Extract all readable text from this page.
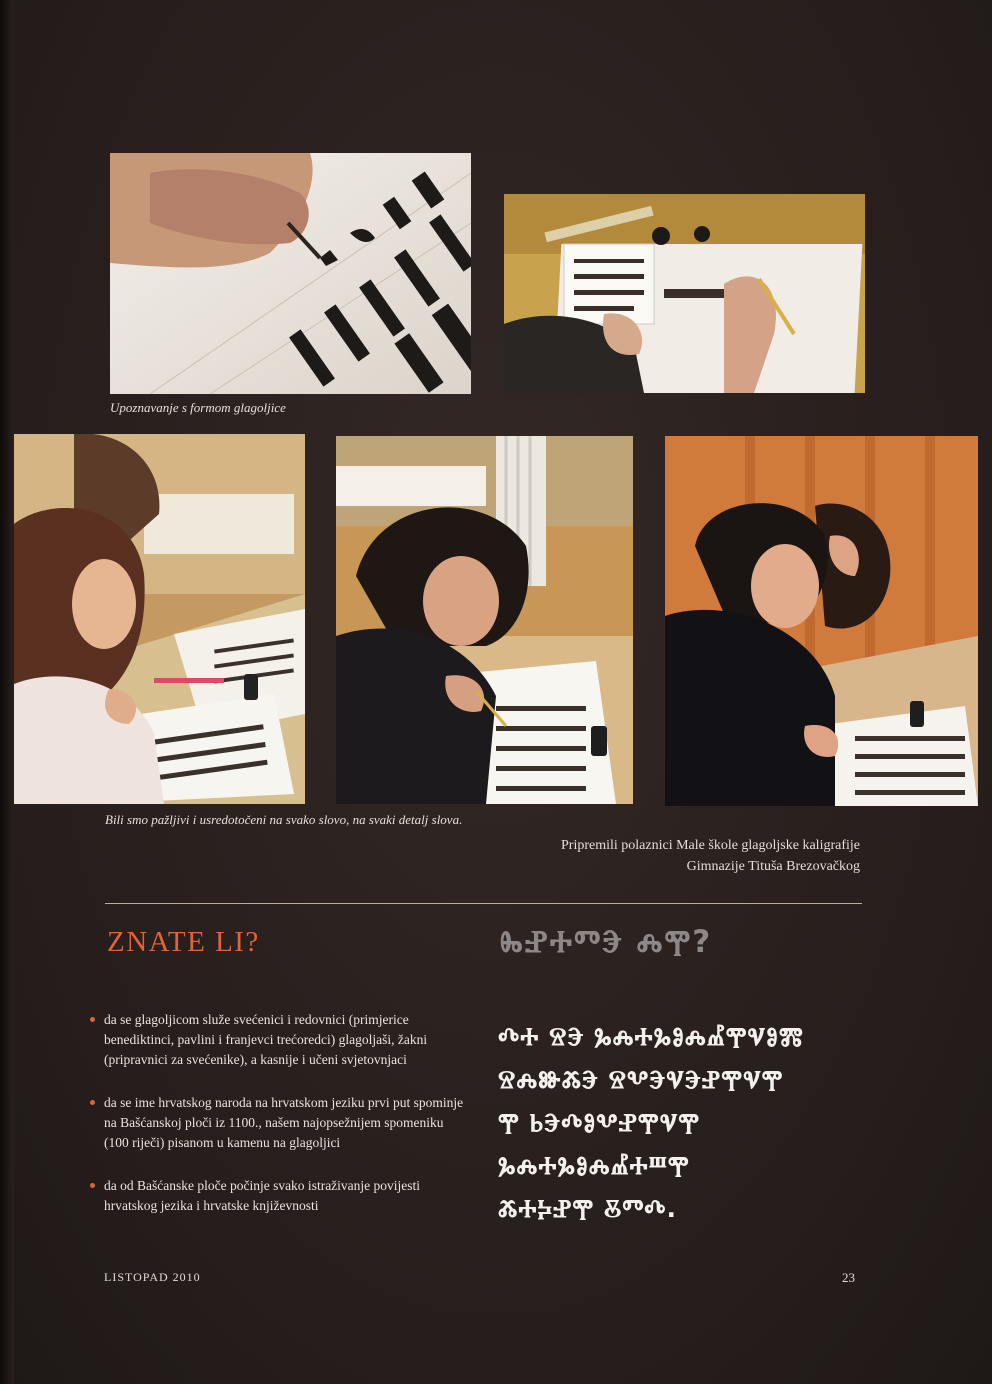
Upoznavanje s formom glagoljice
Bili smo pažljivi i usredotočeni na svako slovo, na svaki detalj slova.
Pripremili polaznici Male škole glagoljske kaligrafije
Gimnazije Tituša Brezovačkog
ZNATE LI?	ⰈⰐⰀⰕⰅ ⰎⰉ?
da se glagoljicom služe svećenici i redovnici (primjerice benediktinci, pavlini i franjevci trećoredci) glagoljaši, žakni (pripravnici za svećenike), a kasnije i učeni svjetovnjaci
da se ime hrvatskog naroda na hrvatskom jeziku prvi put spominje na Bašćanskoj ploči iz 1100., našem najopsežnijem spomeniku (100 riječi) pisanom u kamenu na glagoljici
da od Bašćanske ploče počinje svako istraživanje povijesti hrvatskog jezika i hrvatske književnosti
ⰄⰀ ⰔⰅ ⰃⰎⰀⰃⰑⰎⰌⰉⰜⰑⰏ
ⰔⰎⰖⰆⰅ ⰔⰂⰅⰜⰅⰐⰉⰜⰉ
Ⰹ ⰓⰅⰄⰑⰂⰐⰉⰜⰉ
ⰃⰎⰀⰃⰑⰎⰌⰀⰞⰉ
ⰆⰀⰍⰐⰉ ⰋⰕⰄ.
LISTOPAD 2010	23
